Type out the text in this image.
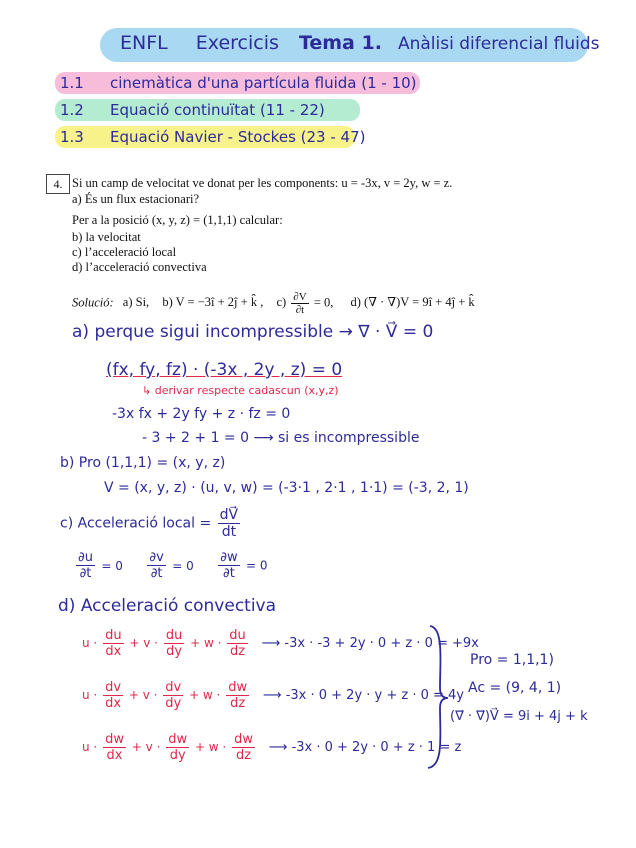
ENFL Exercicis Tema 1. Anàlisi diferencial fluids
1.1 cinemàtica d'una partícula fluida (1 - 10)
1.2 Equació continuïtat (11 - 22)
1.3 Equació Navier - Stockes (23 - 47)
4. Si un camp de velocitat ve donat per les components: u = -3x, v = 2y, w = z.
a) És un flux estacionari?
Per a la posició (x, y, z) = (1,1,1) calcular:
b) la velocitat
c) l’acceleració local
d) l’acceleració convectiva
Solució: a) Si, b) V = −3î + 2ĵ + k̂ , $c) \frac{\partial V}{\partial t} = 0$, d) (∇ · ∇)V = 9î + 4ĵ + k̂
a) perque sigui incompressible → ∇ · V⃗ = 0
(fx, fy, fz) · (-3x , 2y , z) = 0
↳ derivar respecte cadascun (x,y,z)
-3x fx + 2y fy + z · fz = 0
- 3 + 2 + 1 = 0 ⟶ si es incompressible
b) Pro (1,1,1) = (x, y, z)
V = (x, y, z) · (u, v, w) = (-3·1 , 2·1 , 1·1) = (-3, 2, 1)
c) Acceleració local = $\frac{dV⃗}{dt}$
$\frac{\partial u}{\partial t} = 0 \frac{\partial v}{\partial t} = 0 \frac{\partial w}{\partial t} = 0$
d) Acceleració convectiva
$u \cdot \frac{du}{dx} + v \cdot \frac{du}{dy} + w \cdot \frac{du}{dz}$ ⟶ -3x · -3 + 2y · 0 + z · 0 = +9x
$u \cdot \frac{dv}{dx} + v \cdot \frac{dv}{dy} + w \cdot \frac{dw}{dz}$ ⟶ -3x · 0 + 2y · y + z · 0 = 4y
$u \cdot \frac{dw}{dx} + v \cdot \frac{dw}{dy} + w \cdot \frac{dw}{dz}$ ⟶ -3x · 0 + 2y · 0 + z · 1 = z
Pro = 1,1,1)
Ac = (9, 4, 1)
(∇⃗ · ∇⃗)V⃗ = 9i + 4j + k
